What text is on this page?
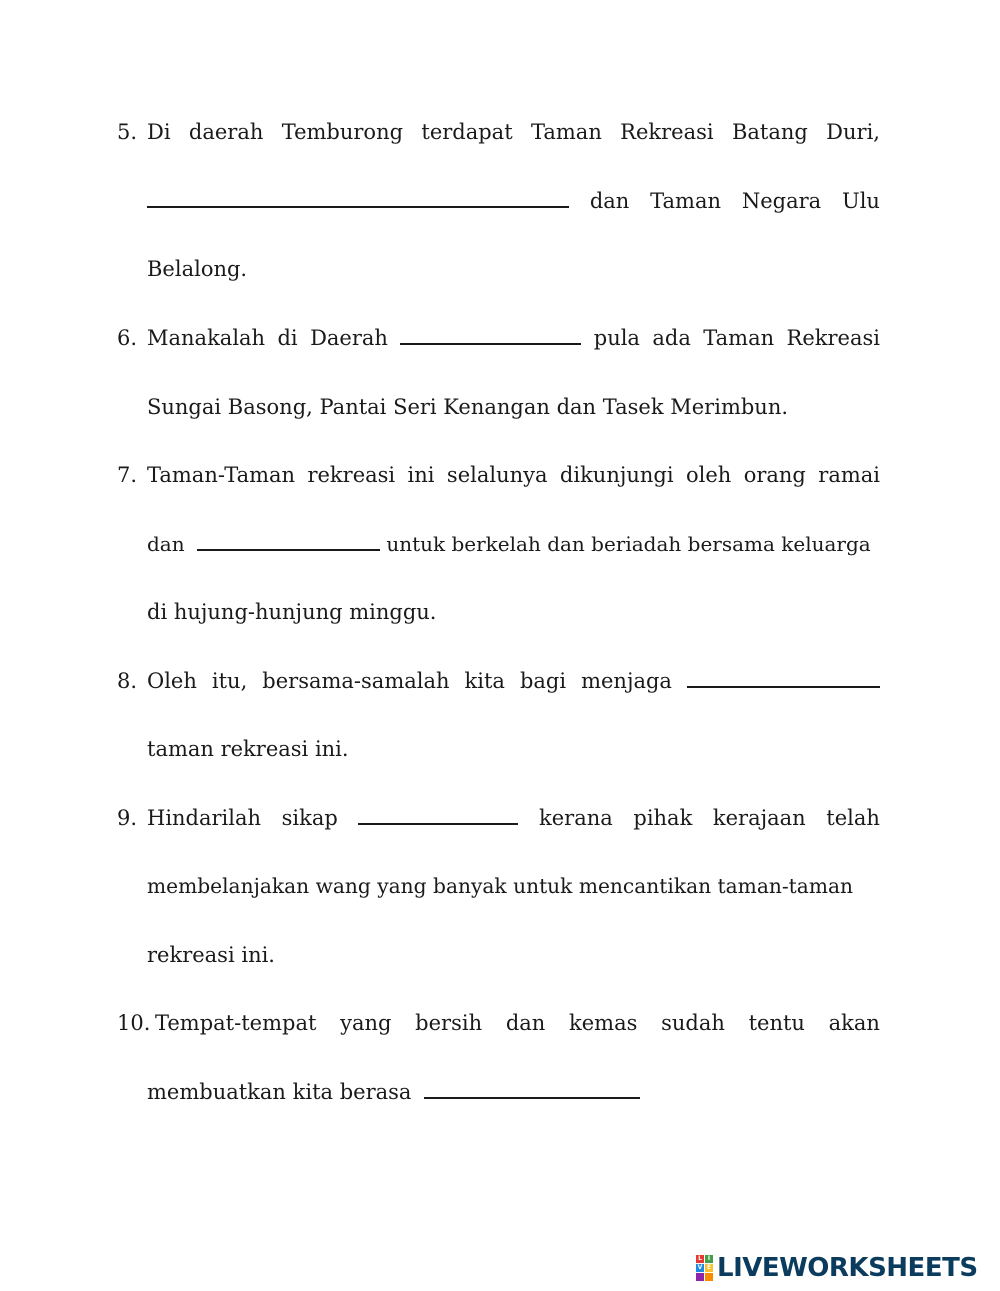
5. Di daerah Temburong terdapat Taman Rekreasi Batang Duri,
dan Taman Negara Ulu
Belalong.
6. Manakalah di Daerah	pula ada Taman Rekreasi
Sungai Basong, Pantai Seri Kenangan dan Tasek Merimbun.
7. Taman-Taman rekreasi ini selalunya dikunjungi oleh orang ramai
dan	untuk berkelah dan beriadah bersama keluarga
di hujung-hunjung minggu.
8. Oleh itu, bersama-samalah kita bagi menjaga
taman rekreasi ini.
9. Hindarilah sikap	kerana pihak kerajaan telah
membelanjakan wang yang banyak untuk mencantikan taman-taman
rekreasi ini.
10. Tempat-tempat yang bersih dan kemas sudah tentu akan
membuatkan kita berasa
L I
V E LIVEWORKSHEETS
